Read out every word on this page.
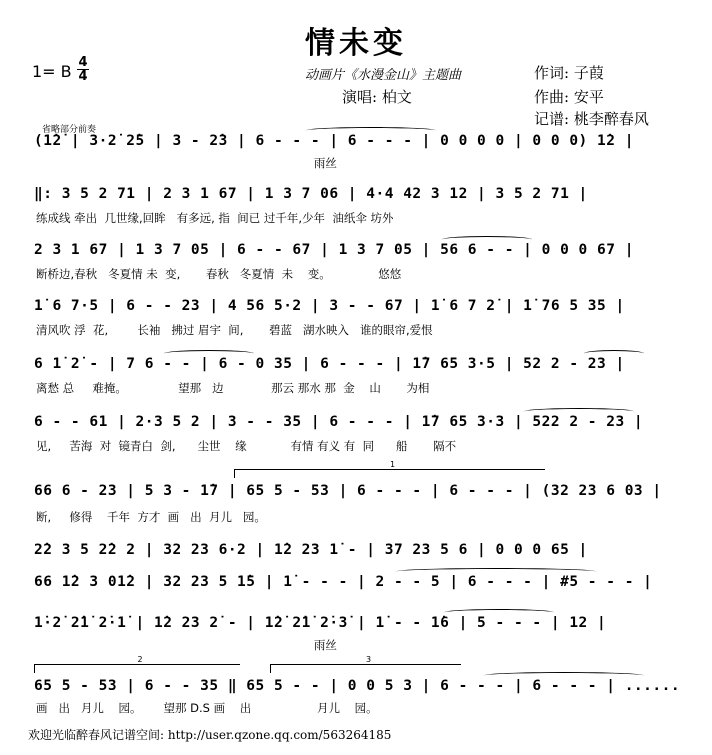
情未变
1= B 4
4	动画片《水漫金山》主题曲
演唱: 柏文
作词: 子葭
作曲: 安平
记谱: 桃李醉春风
省略部分前奏
(1̇2̇ | 3·2̇ 2̇5 | 3 - 2̇3 | 6 - - - | 6 - - - | 0 0 0 0 | 0 0 0) 1̇2 |
雨丝
‖: 3 5 2 71 | 2 3 1 67 | 1 3 7 06 | 4·4 42 3 12 | 3 5 2 71 |
练成线 牵出  几世缘,回眸   有多远, 指  间已 过千年,少年  油纸伞 坊外
2 3 1 67 | 1 3 7 05 | 6 - - 67 | 1 3 7 05 | 56 6 - - | 0 0 0 67 |
断桥边,春秋   冬夏情 未  变,       春秋   冬夏情  未    变。             悠悠
1̇ 6 7·5 | 6 - - 23 | 4 56 5·2 | 3 - - 67 | 1̇ 6 7 2̇ | 1̇ 76 5 35 |
清风吹 浮  花,        长袖   拂过 眉宇  间,       碧蓝   湖水映入   谁的眼帘,爱恨
6 1̇ 2̇ - | 7 6 - - | 6 - 0 35 | 6 - - - | 1̇7 65 3·5 | 52 2 - 23 |
离愁 总     难掩。              望那   边             那云 那水 那  金    山       为相
6 - - 61 | 2·3 5 2 | 3 - - 35 | 6 - - - | 1̇7 65 3·3 | 522 2 - 23 |
见,     苦海  对  镜青白  剑,      尘世    缘            有情 有义 有  同      船       隔不
1
66 6 - 23 | 5 3 - 1̇7 | 65 5 - 53 | 6 - - - | 6 - - - | (32 23 6 03 |
断,     修得    千年  方才  画   出  月儿   园。
2̇2 3 5 2̇2 2 | 32 23 6·2 | 1̇2 23 1̇ - | 37 23 5 6 | 0 0 0 65 |
66 1̇2 3 01̇2 | 32 23 5 1̇5 | 1̇ - - - | 2 - - 5 | 6 - - - | #5 - - - |
1̇·2̇ 2̇1̇ 2̇·1̇ | 1̇2 23 2̇ - | 1̇2̇ 2̇1̇ 2̇·3̇ | 1̇ - - 1̇6 | 5 - - - | 12 |
雨丝
2	3
65 5 - 53 | 6 - - 35 ‖ 65 5 - - | 0 0 5 3 | 6 - - - | 6 - - - | ......
画   出   月儿    园。      望那 D.S 画    出                  月儿    园。
欢迎光临醉春风记谱空间: http://user.qzone.qq.com/563264185
